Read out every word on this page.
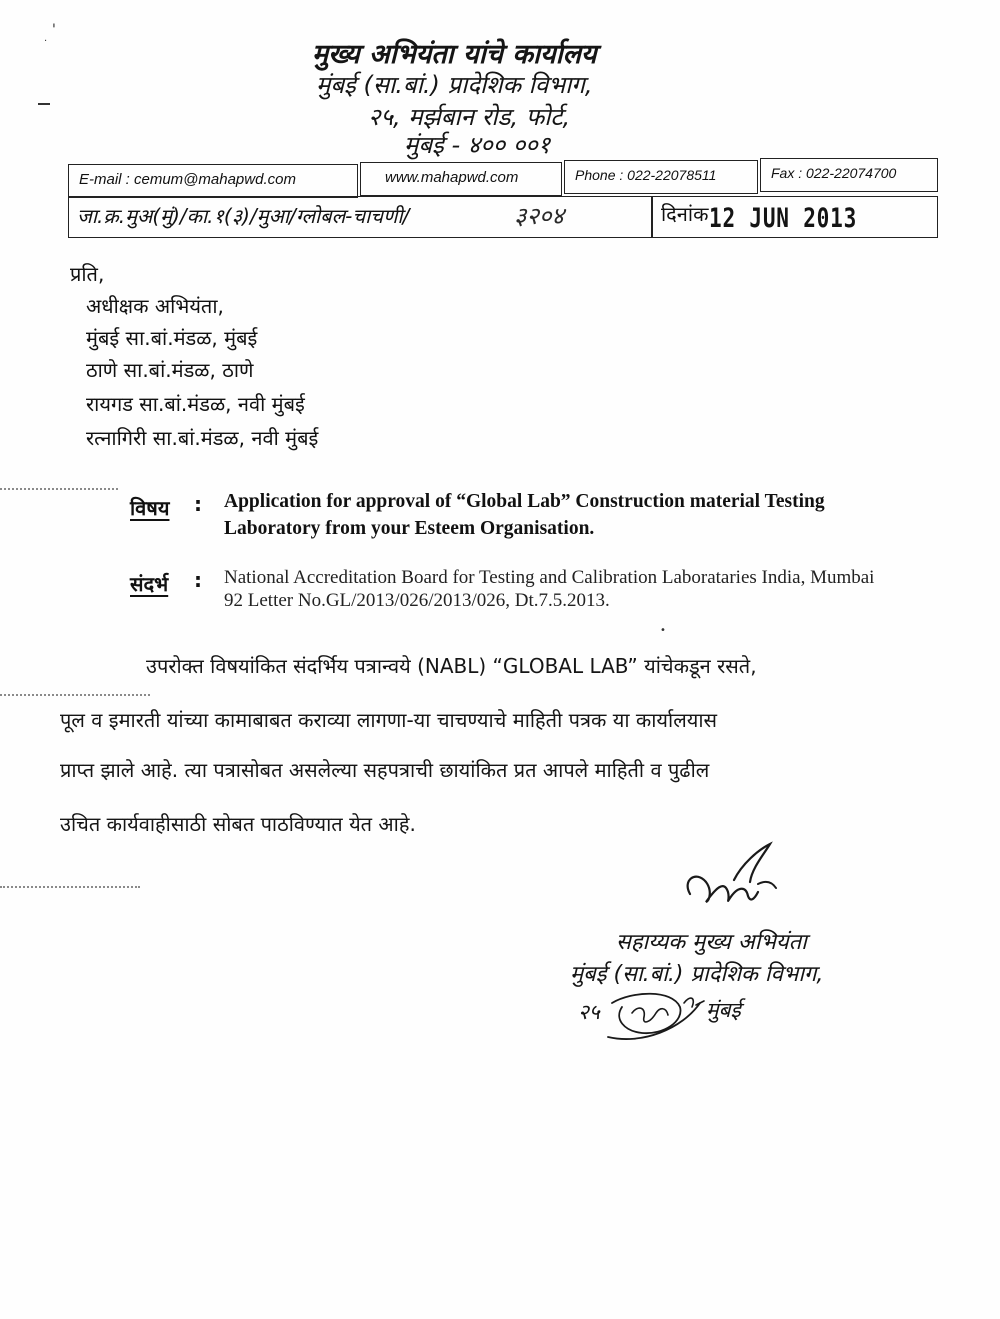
'
·
•
मुख्य अभियंता यांचे कार्यालय
मुंबई (सा.बां.) प्रादेशिक विभाग,
२५, मर्झबान रोड, फोर्ट,
मुंबई - ४०० ००१
E-mail : cemum@mahapwd.com	www.mahapwd.com	Phone : 022-22078511	Fax : 022-22074700
जा.क्र.मुअ(मुं)/का.१(३)/मुआ/ग्लोबल-चाचणी/	३२०४	दिनांक 12 JUN 2013
प्रति,
अधीक्षक अभियंता,
मुंबई सा.बां.मंडळ, मुंबई
ठाणे सा.बां.मंडळ, ठाणे
रायगड सा.बां.मंडळ, नवी मुंबई
रत्नागिरी सा.बां.मंडळ, नवी मुंबई
विषय : Application for approval of “Global Lab” Construction material Testing Laboratory from your Esteem Organisation.
संदर्भ : National Accreditation Board for Testing and Calibration Laborataries India, Mumbai 92 Letter No.GL/2013/026/2013/026, Dt.7.5.2013.
उपरोक्त विषयांकित संदर्भिय पत्रान्वये (NABL) “GLOBAL LAB” यांचेकडून रसते,
पूल व इमारती यांच्या कामाबाबत कराव्या लागणा-या चाचण्याचे माहिती पत्रक या कार्यालयास
प्राप्त झाले आहे. त्या पत्रासोबत असलेल्या सहपत्राची छायांकित प्रत आपले माहिती व पुढील
उचित कार्यवाहीसाठी सोबत पाठविण्यात येत आहे.
सहाय्यक मुख्य अभियंता
मुंबई (सा.बां.) प्रादेशिक विभाग,
२५	मुंबई
